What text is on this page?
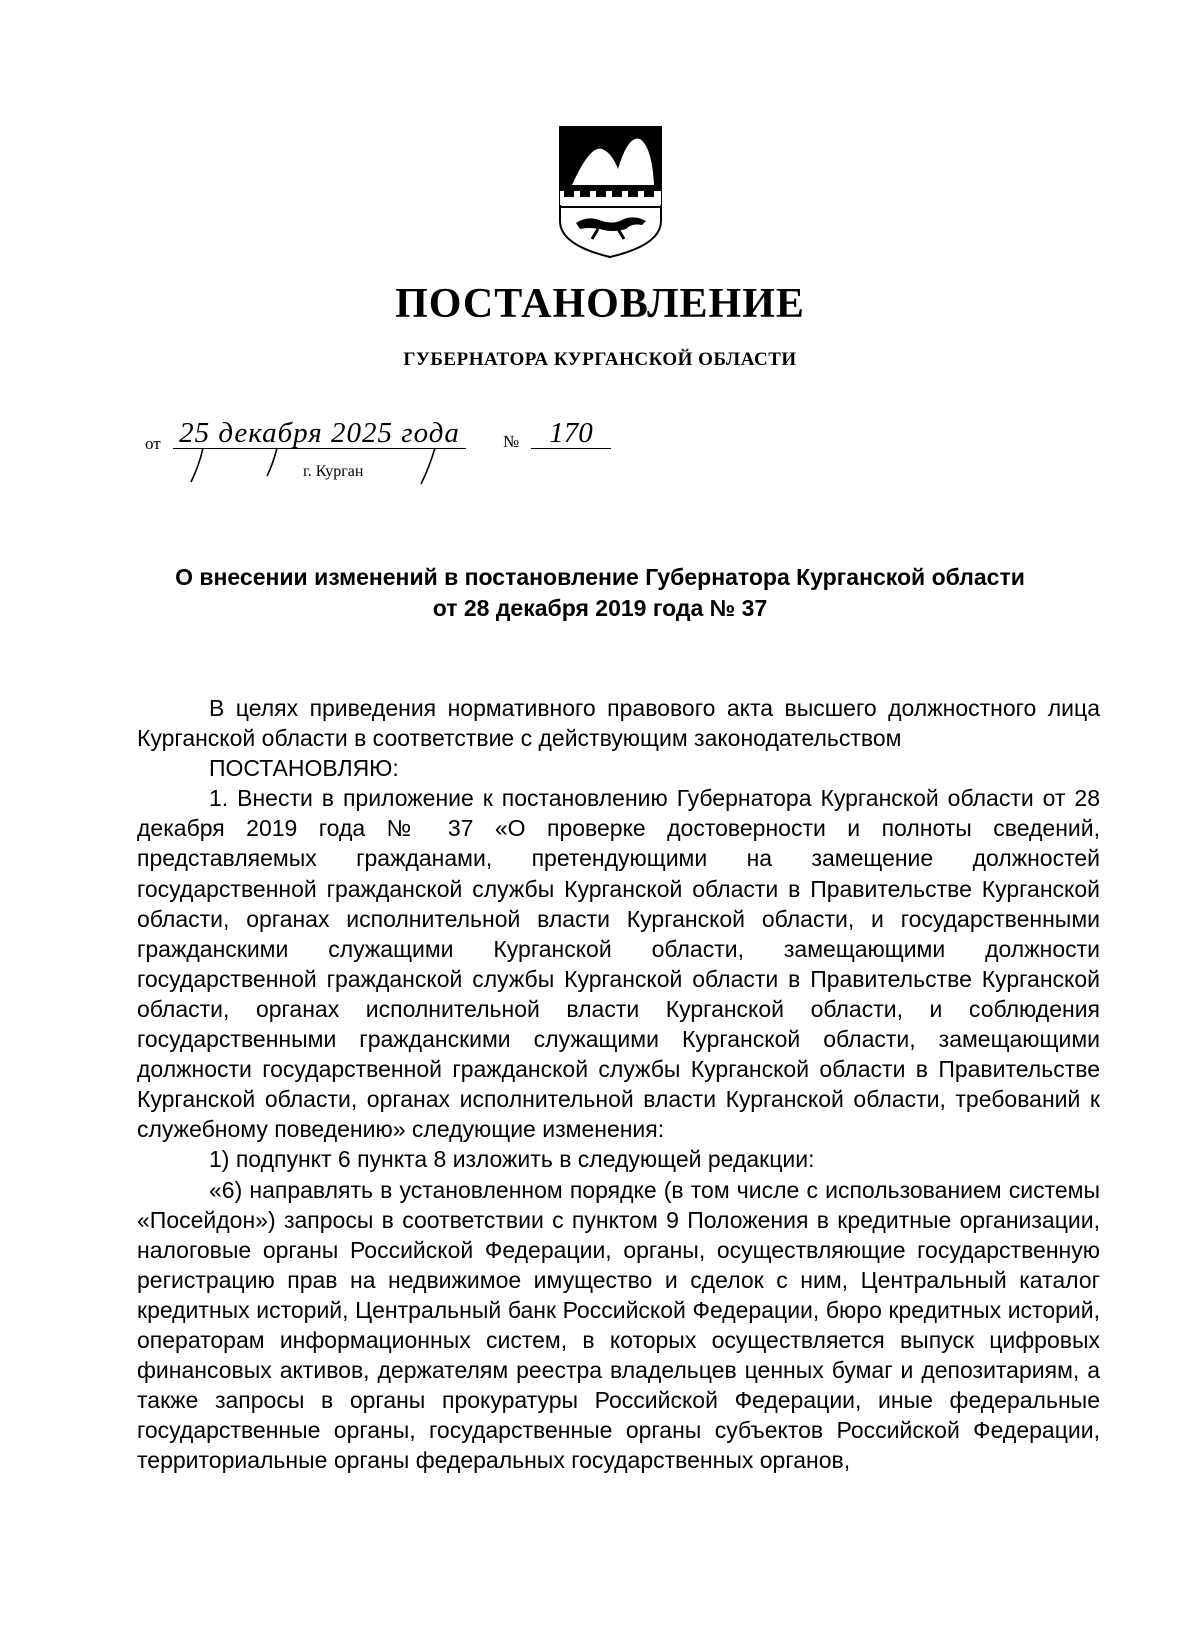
ПОСТАНОВЛЕНИЕ
ГУБЕРНАТОРА КУРГАНСКОЙ ОБЛАСТИ
от 25 декабря 2025 года	№	170
г. Курган
О внесении изменений в постановление Губернатора Курганской области
от 28 декабря 2019 года № 37
В целях приведения нормативного правового акта высшего должностного лица Курганской области в соответствие с действующим законодательством
ПОСТАНОВЛЯЮ:
1. Внести в приложение к постановлению Губернатора Курганской области от 28 декабря 2019 года № 37 «О проверке достоверности и полноты сведений, представляемых гражданами, претендующими на замещение должностей государственной гражданской службы Курганской области в Правительстве Курганской области, органах исполнительной власти Курганской области, и государственными гражданскими служащими Курганской области, замещающими должности государственной гражданской службы Курганской области в Правительстве Курганской области, органах исполнительной власти Курганской области, и соблюдения государственными гражданскими служащими Курганской области, замещающими должности государственной гражданской службы Курганской области в Правительстве Курганской области, органах исполнительной власти Курганской области, требований к служебному поведению» следующие изменения:
1) подпункт 6 пункта 8 изложить в следующей редакции:
«6) направлять в установленном порядке (в том числе с использованием системы «Посейдон») запросы в соответствии с пунктом 9 Положения в кредитные организации, налоговые органы Российской Федерации, органы, осуществляющие государственную регистрацию прав на недвижимое имущество и сделок с ним, Центральный каталог кредитных историй, Центральный банк Российской Федерации, бюро кредитных историй, операторам информационных систем, в которых осуществляется выпуск цифровых финансовых активов, держателям реестра владельцев ценных бумаг и депозитариям, а также запросы в органы прокуратуры Российской Федерации, иные федеральные государственные органы, государственные органы субъектов Российской Федерации, территориальные органы федеральных государственных органов,
